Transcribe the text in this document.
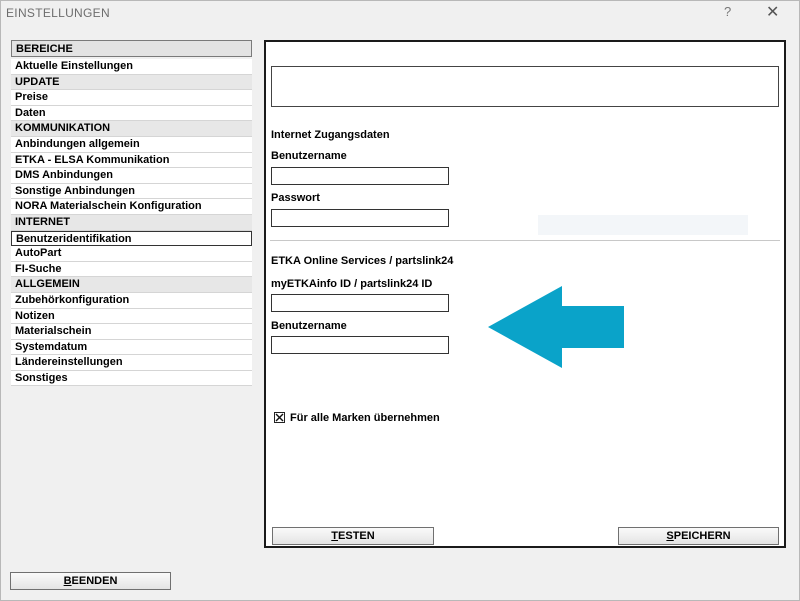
EINSTELLUNGEN	? ✕
BEREICHE
Aktuelle Einstellungen
UPDATE
Preise
Daten
KOMMUNIKATION
Anbindungen allgemein
ETKA - ELSA Kommunikation
DMS Anbindungen
Sonstige Anbindungen
NORA Materialschein Konfiguration
INTERNET
Benutzeridentifikation
AutoPart
FI-Suche
ALLGEMEIN
Zubehörkonfiguration
Notizen
Materialschein
Systemdatum
Ländereinstellungen
Sonstiges
Internet Zugangsdaten
Benutzername
Passwort
ETKA Online Services / partslink24
myETKAinfo ID / partslink24 ID
Benutzername
Für alle Marken übernehmen
TESTEN	SPEICHERN
BEENDEN
